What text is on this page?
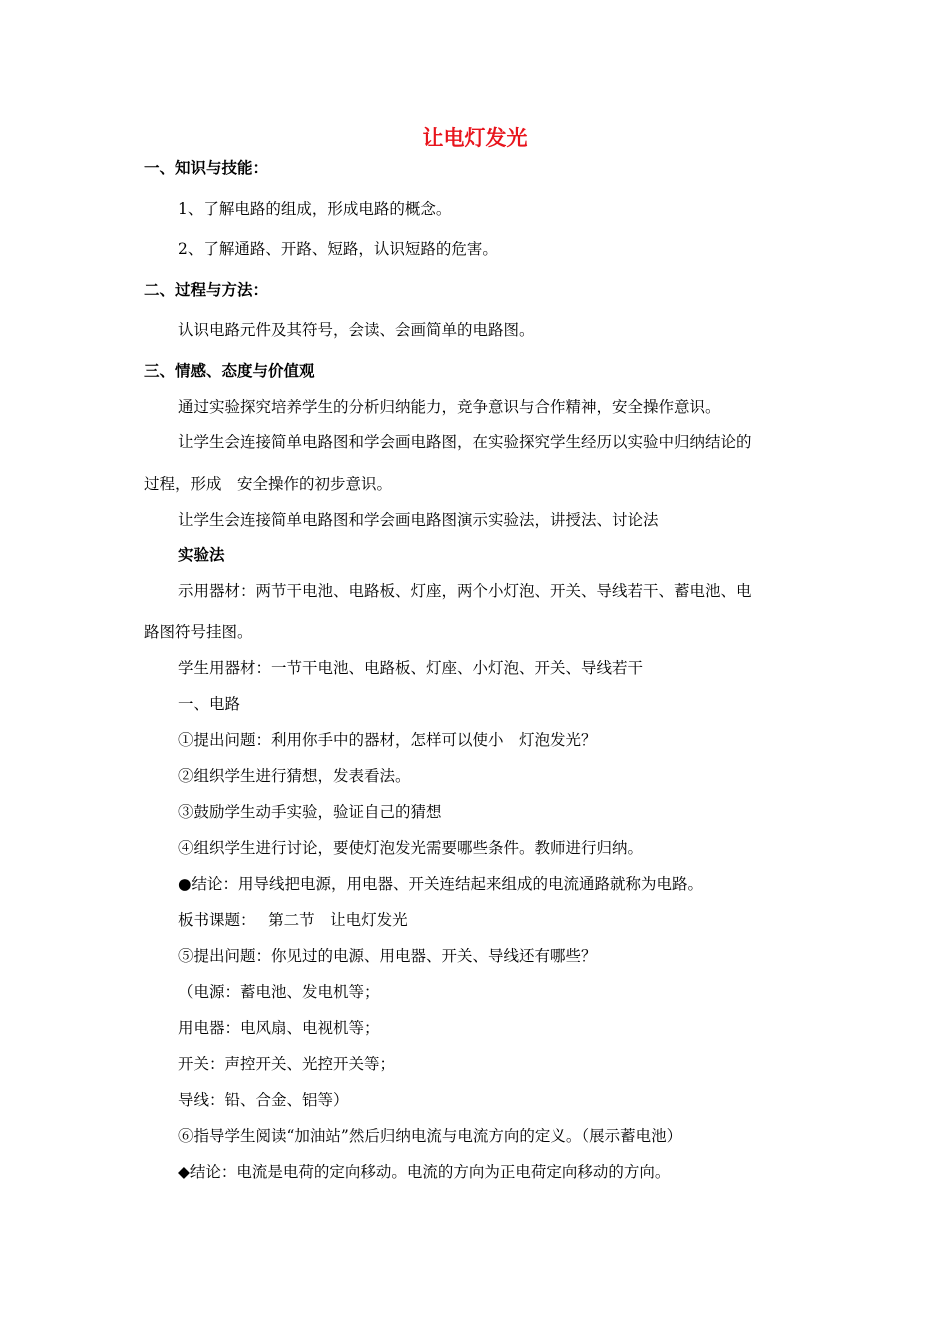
让电灯发光
一、知识与技能：
1、了解电路的组成，形成电路的概念。
2、了解通路、开路、短路，认识短路的危害。
二、过程与方法：
认识电路元件及其符号，会读、会画简单的电路图。
三、情感、态度与价值观
通过实验探究培养学生的分析归纳能力，竞争意识与合作精神，安全操作意识。
让学生会连接简单电路图和学会画电路图，在实验探究学生经历以实验中归纳结论的
过程，形成　安全操作的初步意识。
让学生会连接简单电路图和学会画电路图演示实验法，讲授法、讨论法
实验法
示用器材：两节干电池、电路板、灯座，两个小灯泡、开关、导线若干、蓄电池、电
路图符号挂图。
学生用器材：一节干电池、电路板、灯座、小灯泡、开关、导线若干
一、电路
①提出问题：利用你手中的器材，怎样可以使小　灯泡发光？
②组织学生进行猜想，发表看法。
③鼓励学生动手实验，验证自己的猜想
④组织学生进行讨论，要使灯泡发光需要哪些条件。教师进行归纳。
●结论：用导线把电源，用电器、开关连结起来组成的电流通路就称为电路。
板书课题：　 第二节　让电灯发光
⑤提出问题：你见过的电源、用电器、开关、导线还有哪些？
（电源：蓄电池、发电机等；
用电器：电风扇、电视机等；
开关：声控开关、光控开关等；
导线：铅、合金、铝等）
⑥指导学生阅读“加油站”然后归纳电流与电流方向的定义。（展示蓄电池）
◆结论：电流是电荷的定向移动。电流的方向为正电荷定向移动的方向。
